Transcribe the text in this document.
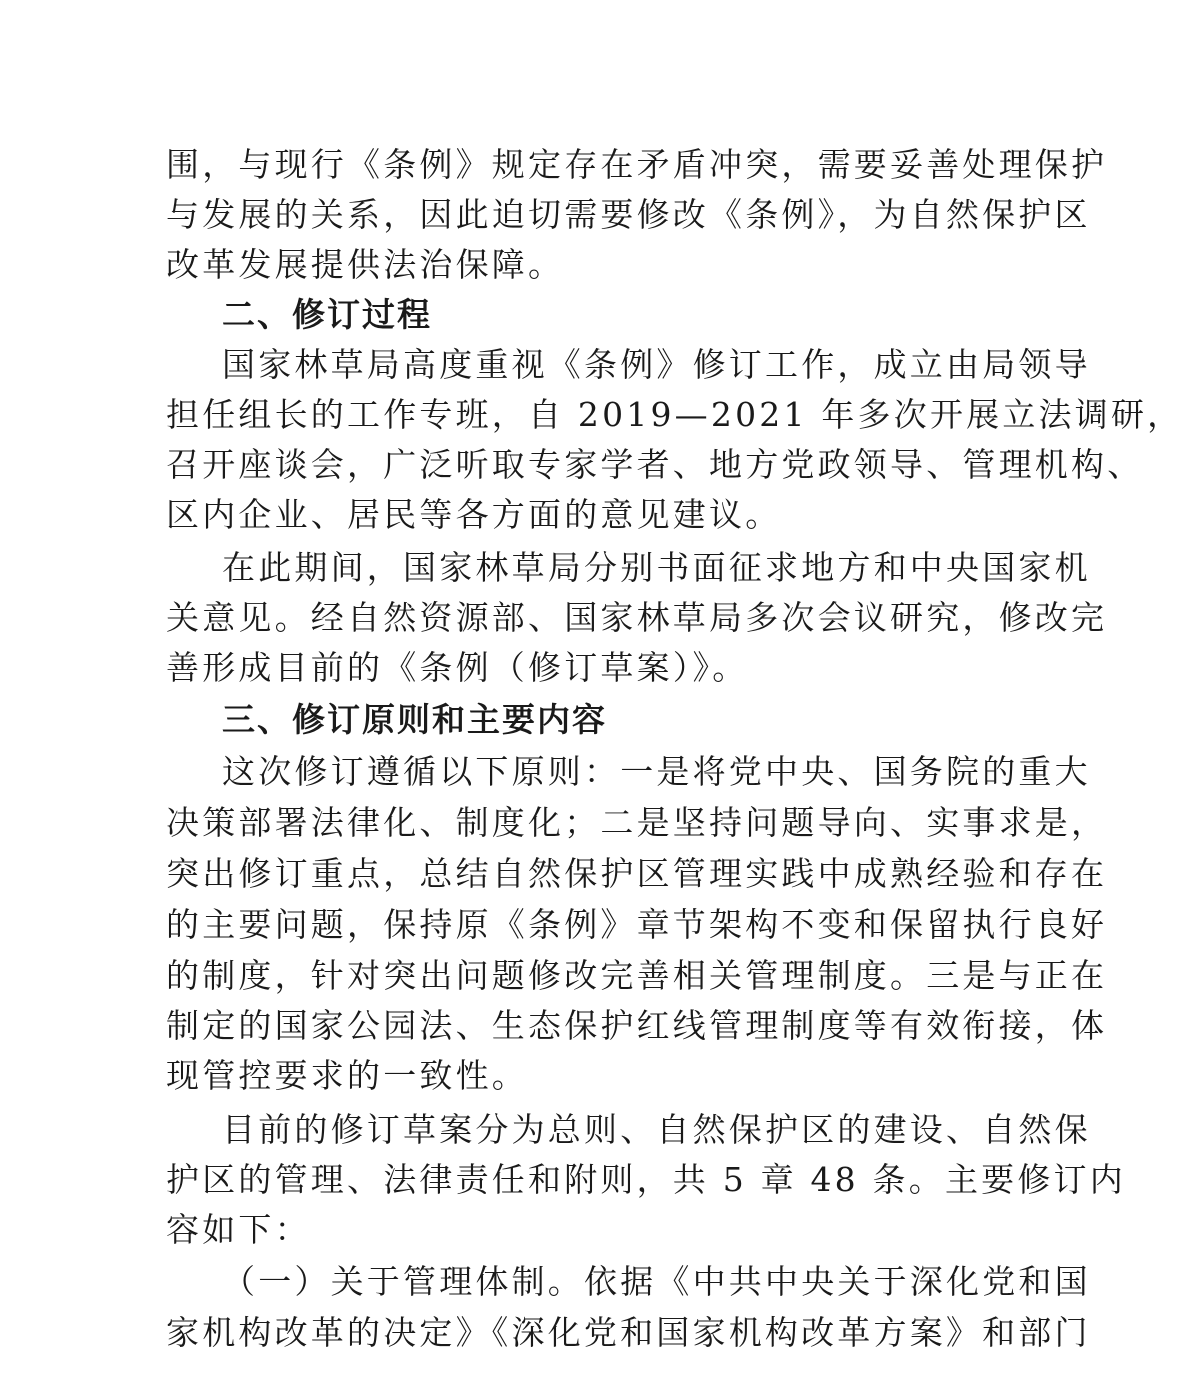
围，与现行《条例》规定存在矛盾冲突，需要妥善处理保护
与发展的关系，因此迫切需要修改《条例》，为自然保护区
改革发展提供法治保障。
二、修订过程
国家林草局高度重视《条例》修订工作，成立由局领导
担任组长的工作专班，自 2019—2021 年多次开展立法调研，
召开座谈会，广泛听取专家学者、地方党政领导、管理机构、
区内企业、居民等各方面的意见建议。
在此期间，国家林草局分别书面征求地方和中央国家机
关意见。经自然资源部、国家林草局多次会议研究，修改完
善形成目前的《条例（修订草案）》。
三、修订原则和主要内容
这次修订遵循以下原则：一是将党中央、国务院的重大
决策部署法律化、制度化；二是坚持问题导向、实事求是，
突出修订重点，总结自然保护区管理实践中成熟经验和存在
的主要问题，保持原《条例》章节架构不变和保留执行良好
的制度，针对突出问题修改完善相关管理制度。三是与正在
制定的国家公园法、生态保护红线管理制度等有效衔接，体
现管控要求的一致性。
目前的修订草案分为总则、自然保护区的建设、自然保
护区的管理、法律责任和附则，共 5 章 48 条。主要修订内
容如下：
（一）关于管理体制。依据《中共中央关于深化党和国
家机构改革的决定》《深化党和国家机构改革方案》和部门
